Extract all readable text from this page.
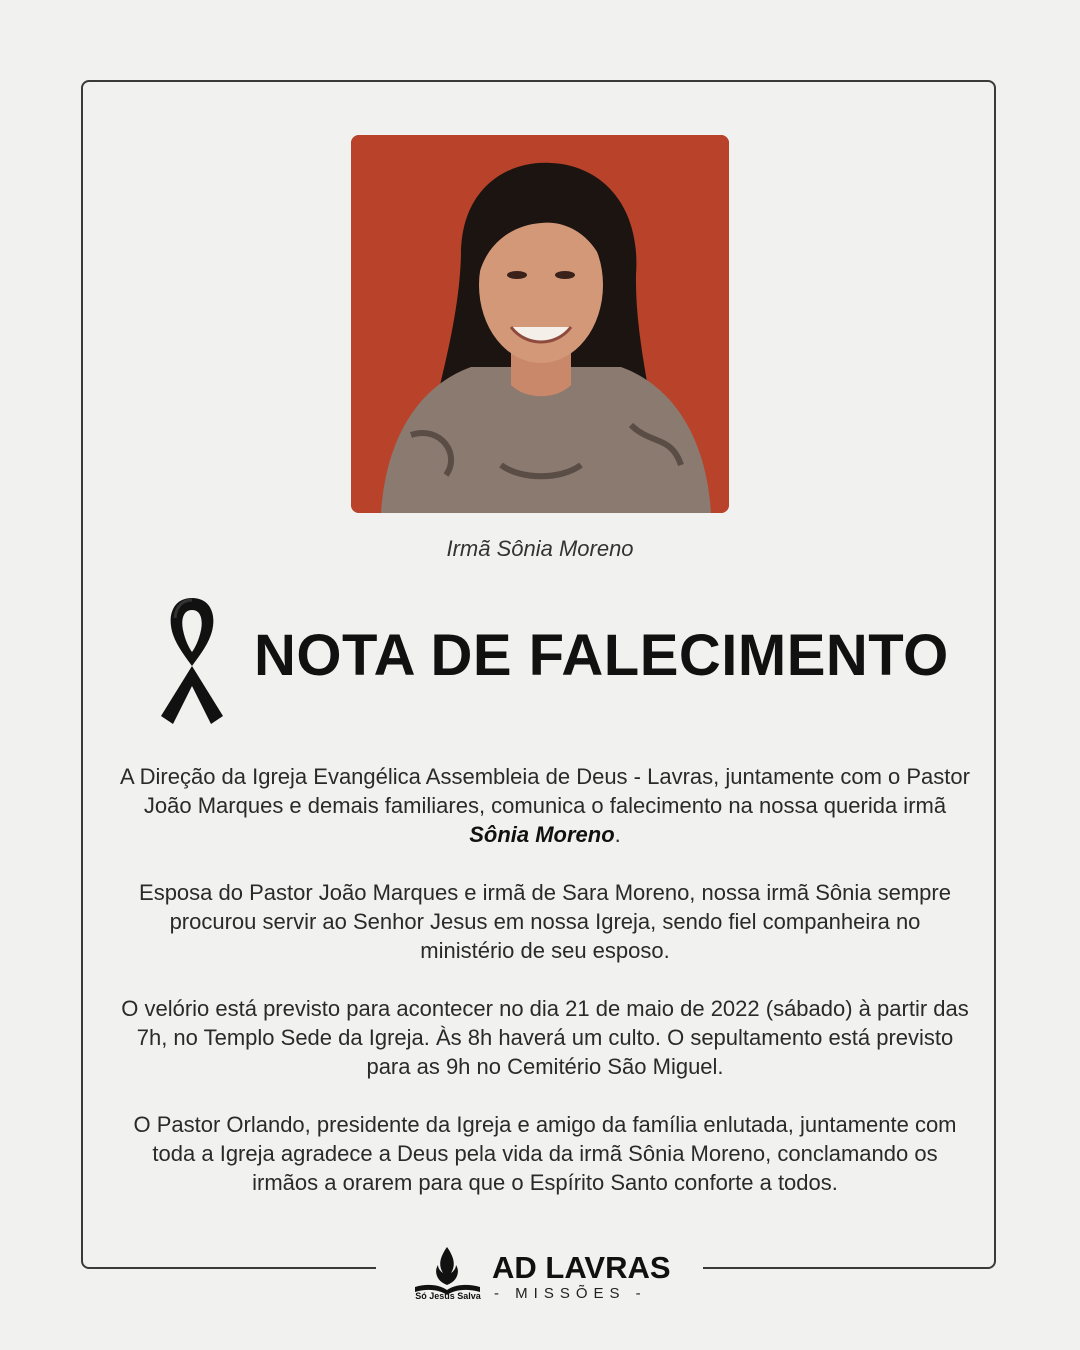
Irmã Sônia Moreno
NOTA DE FALECIMENTO

A Direção da Igreja Evangélica Assembleia de Deus - Lavras, juntamente com o Pastor João Marques e demais familiares, comunica o falecimento na nossa querida irmã Sônia Moreno.

Esposa do Pastor João Marques e irmã de Sara Moreno, nossa irmã Sônia sempre procurou servir ao Senhor Jesus em nossa Igreja, sendo fiel companheira no ministério de seu esposo.

O velório está previsto para acontecer no dia 21 de maio de 2022 (sábado) à partir das 7h, no Templo Sede da Igreja. Às 8h haverá um culto. O sepultamento está previsto para as 9h no Cemitério São Miguel.

O Pastor Orlando, presidente da Igreja e amigo da família enlutada, juntamente com toda a Igreja agradece a Deus pela vida da irmã Sônia Moreno, conclamando os irmãos a orarem para que o Espírito Santo conforte a todos.

Só Jesus Salva
AD LAVRAS
- MISSÕES -
